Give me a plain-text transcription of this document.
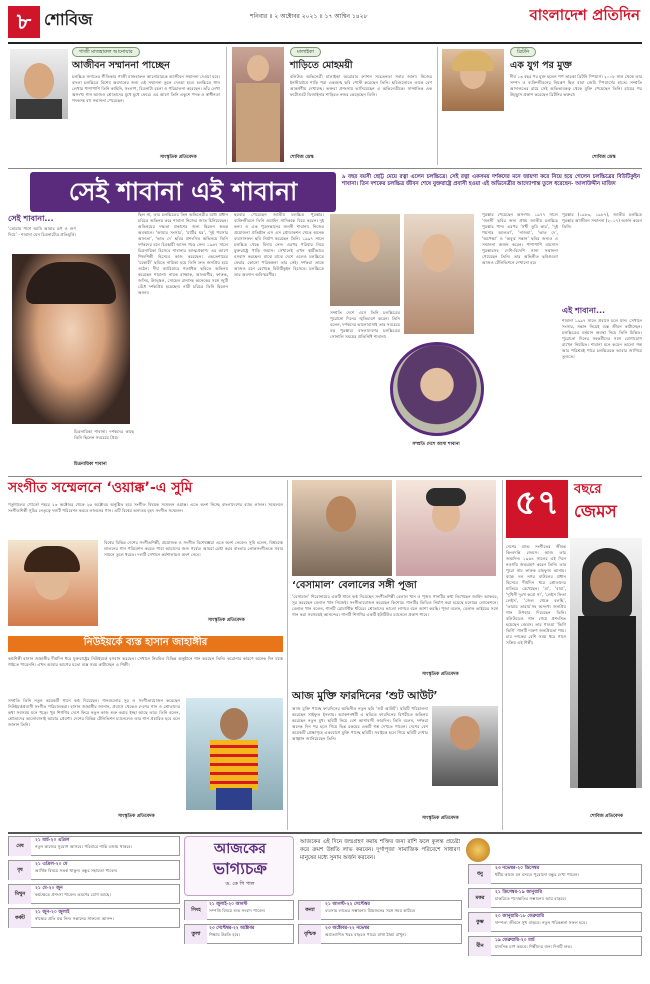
৮ শোবিজ	শনিবার ॥ ২ অক্টোবর ২০২১ ॥ ১৭ আশ্বিন ১৪২৮	বাংলাদেশ প্রতিদিন
গাজী মাজহারুল আনোয়ার
আজীবন সম্মাননা পাচ্ছেন
চলচ্চিত্র জগতের গীতিকার গাজী মাজহারুল আনোয়ারকে আজীবন সম্মাননা দেওয়া হবে। বাংলা চলচ্চিত্রে বিশেষ অবদানের জন্য এই সম্মাননা তুলে দেওয়া হবে। চলচ্চিত্রে গান লেখার পাশাপাশি তিনি কাহিনি, সংলাপ, চিত্রনাট্য রচনা ও পরিচালনা করেছেন। তাঁর লেখা অসংখ্য গান আজও শ্রোতাদের মুখে মুখে ফেরে। এর আগে তিনি একুশে পদক ও স্বাধীনতা পদকসহ বহু সম্মাননা পেয়েছেন।
সাংস্কৃতিক প্রতিবেদক
মালাইকা
শাড়িতে মোহময়ী
বলিউড অভিনেত্রী মালাইকা অরোরার ফ্যাশন সচেতনতা সবার জানা। নিজের ইনস্টাগ্রামে শাড়ি পরা একগুচ্ছ ছবি পোস্ট করেছেন তিনি। ছবিগুলোতে তাকে বেশ আকর্ষণীয় দেখাচ্ছে। ভক্তরা প্রশংসায় ভাসিয়েছেন এ অভিনেত্রীকে। সাম্প্রতিক এক ফটোশুটে ডিজাইনার শাড়িতে নজর কেড়েছেন তিনি।
শোবিজ ডেস্ক
ব্রিটনি
এক যুগ পর মুক্ত
দীর্ঘ ১৩ বছর পর মুক্ত হলেন পপ তারকা ব্রিটনি স্পিয়ার্স। ২০০৮ সাল থেকে তার সম্পদ ও ব্যক্তিজীবনের নিয়ন্ত্রণ ছিল বাবা জেমি স্পিয়ার্সের হাতে। সম্প্রতি আদালতের রায়ে সেই অভিভাবকত্ব থেকে মুক্তি পেয়েছেন তিনি। রায়ের পর উচ্ছ্বাস প্রকাশ করেছেন ব্রিটনির ভক্তরা।
শোবিজ ডেস্ক
সেই শাবানা এই শাবানা	৯ বছর বয়সী ছোট্ট মেয়ে রত্না এলেন চলচ্চিত্রে। সেই রত্না একসময় দর্শকদের মনে জায়গা করে নিয়ে হয়ে গেলেন চলচ্চিত্রের বিউটিকুইন শাবানা। তিন দশকের চলচ্চিত্র জীবন শেষে যুক্তরাষ্ট্রে প্রবাসী হওয়া এই অভিনেত্রীর আদ্যোপান্ত তুলে ধরেছেন- আলাউদ্দীন মাজিদ
সেই শাবানা...
‘তোমার পাশে আমি আমার রূপ ও গুণ দিয়ে’ - শাবানা যেন চিত্রনাট্যের প্রতিমূর্তি।
চিত্রনায়িকা শাবানা
চিত্রনায়িকা শাবানা। দর্শকদের কাছে তিনি ছিলেন সবচেয়ে প্রিয়।
ছিল না, তার চলচ্চিত্রের তিন অভিনেত্রীর মধ্যে প্রধান চরিত্রে অভিনয় করে শাবানা নিজের জাত চিনিয়েছেন। অভিনয়ের দক্ষতা প্রকাশের জন্য ছিলেন স্বতন্ত্র অবস্থানে। ‘আমার সংসার’, ‘মাটির ঘর’, ‘দুই পয়সার আলতা’, ‘ভাত দে’ ছবির প্রশংসিত অভিনয়ে তিনি দর্শকদের মনে চিরস্থায়ী আসন গড়ে নেন। ১৯৬৭ সালে চিত্রনায়িকা হিসেবে শাবানার আত্মপ্রকাশ। এর আগে শিশুশিল্পী হিসেবে কাজ করেছেন। এহতেশামের ‘চকোরী’ ছবিতে নায়িকা হয়ে তিনি দ্রুত জনপ্রিয় হয়ে ওঠেন। দীর্ঘ ক্যারিয়ারে শতাধিক ছবিতে অভিনয় করেছেন শাবানা। নায়ক রাজ্জাক, আলমগীর, ফারুক, জসিম, উজ্জ্বল, সোহেল রানাসহ অনেকের সঙ্গে জুটি বেঁধে দর্শকপ্রিয় হয়েছেন। নারী চরিত্রে তিনি ছিলেন অনন্য।
ছয়বার পেয়েছেন জাতীয় চলচ্চিত্র পুরস্কার। ব্যক্তিজীবনে তিনি ওয়াহিদ সাদিককে বিয়ে করেন। দুই কন্যা ও এক পুত্রসন্তানের জননী শাবানা। নিজের প্রযোজনা প্রতিষ্ঠান এস এস প্রোডাকশন থেকে অনেক ব্যবসাসফল ছবি নির্মাণ করেছেন তিনি। ১৯৯৭ সালে চলচ্চিত্র থেকে বিদায় নেন। এরপর পরিবার নিয়ে যুক্তরাষ্ট্রে পাড়ি জমান। সেখানেই এখন স্থায়ীভাবে বসবাস করছেন। মাঝে মাঝে দেশে এলেও চলচ্চিত্রে ফেরার কোনো পরিকল্পনা তার নেই। দর্শকরা তাকে আজও মনে রেখেছে বিউটিকুইন হিসেবে। চলচ্চিত্রে তার অবদান অবিস্মরণীয়।
সম্প্রতি দেশে এসে তিনি চলচ্চিত্রের পুরোনো দিনের স্মৃতিচারণ করেন। তিনি বলেন, দর্শকদের ভালোবাসাই তার সবচেয়ে বড় পুরস্কার। বাংলাদেশের চলচ্চিত্রের সোনালি সময়ের প্রতিনিধি শাবানা।
সম্প্রতি দেশে আসা শাবানা
পুরস্কার পেয়েছেন অসংখ্য। ১৯৭৭ সালে ‘জননী’ ছবির জন্য প্রথম জাতীয় চলচ্চিত্র পুরস্কার পান। এরপর ‘সখী তুমি কার’, ‘দুই পয়সার আলতা’, ‘নাজমা’, ‘ভাত দে’, ‘অপেক্ষা’ ও ‘অবুঝ সন্তান’ ছবির জন্যও এ সম্মাননা অর্জন করেন। পাশাপাশি বাচসাস পুরস্কারসহ দেশি-বিদেশি নানা সম্মাননা পেয়েছেন তিনি। তার অভিনীত ছবিগুলো আজও টেলিভিশনে দেখানো হয়।
পুরস্কার (১৯৮৩, ১৯৮৭), জাতীয় চলচ্চিত্র পুরস্কার আজীবন সম্মাননা (২০১৭) অর্জন করেন তিনি।
এই শাবানা...
শাবানা ১৯৯৭ সালে প্রবাসে চলে যান। সেখানে সংসার, সন্তান নিয়েই ব্যস্ত জীবন কাটাচ্ছেন। চলচ্চিত্রের বর্তমান অবস্থা নিয়ে তিনি চিন্তিত। পুরোনো দিনের সহকর্মীদের সঙ্গে যোগাযোগ রাখেন নিয়মিত। শাবানা মনে করেন ভালো গল্প আর পরিশ্রমই পারে চলচ্চিত্রকে আবার জাগিয়ে তুলতে।
সংগীত সম্মেলনে ‘ওয়াক্ক’-এ সুমি
পর্তুগালের পোর্তো শহরে ২৩ অক্টোবর থেকে ২৬ অক্টোবর অনুষ্ঠিত হবে সংগীত বিষয়ক সম্মেলন ওয়াক্ক। এতে অংশ নিচ্ছে বাংলাদেশের ব্যান্ড লালন। সম্মেলনে সংগীতশিল্পী সুমির নেতৃত্বে দলটি পরিবেশন করবে লালনের গান। এটি বিশ্বের অন্যতম বৃহৎ সংগীত সম্মেলন।
বিশ্বের বিভিন্ন দেশের সংগীতশিল্পী, প্রযোজক ও সংগীত বিশেষজ্ঞরা এতে অংশ নেবেন। সুমি বলেন, বিশ্বমঞ্চে লালনের গান পরিবেশন করতে পারা আমাদের জন্য গর্বের। আমরা চেষ্টা করব বাংলার লোকসংগীতকে সবার সামনে তুলে ধরতে। দলটি সেখানে কর্মশালায়ও অংশ নেবে।
সাংস্কৃতিক প্রতিবেদক
নিউইয়র্কে ব্যস্ত হাসান জাহাঙ্গীর
কণ্ঠশিল্পী হাসান জাহাঙ্গীর দীর্ঘদিন ধরে যুক্তরাষ্ট্রের নিউইয়র্কে বসবাস করছেন। সেখানে নিয়মিত বিভিন্ন অনুষ্ঠানে গান করছেন তিনি। করোনার কারণে অনেক দিন মঞ্চে গাইতে পারেননি। এখন আবার আগের মতো ব্যস্ত সময় কাটাচ্ছেন এ শিল্পী।
সম্প্রতি তিনি নতুন কয়েকটি গানে কণ্ঠ দিয়েছেন। গানগুলোর সুর ও সংগীতায়োজন করেছেন নিউইয়র্কপ্রবাসী সংগীত পরিচালকরা। হাসান জাহাঙ্গীর জানান, প্রবাসে থেকেও দেশের গান ও শ্রোতাদের কথা সবসময় মনে পড়ে। খুব শিগগির দেশে ফিরে নতুন কাজ শুরু করার ইচ্ছা আছে তার। তিনি বলেন, শ্রোতাদের ভালোবাসাই আমার প্রেরণা। দেশের বিভিন্ন টেলিভিশন চ্যানেলেও তার গান প্রচারিত হবে বলে জানান তিনি।
সাংস্কৃতিক প্রতিবেদক
‘বেসামাল’ বেলালের সঙ্গী পূজা
‘বেসামাল’ শিরোনামের একটি গানে কণ্ঠ দিয়েছেন সংগীতশিল্পী বেলাল খান ও পূজা। গানটির কথা লিখেছেন জাহিদ আকবর, সুর করেছেন বেলাল খান নিজেই। সংগীতায়োজন করেছেন কিশোর। গানটির ভিডিও নির্মাণ করা হয়েছে মনোরম লোকেশনে। বেলাল খান বলেন, গানটি রোমান্টিক ধাঁচের। শ্রোতাদের ভালো লাগবে বলে আশা করছি। পূজা বলেন, বেলাল ভাইয়ের সঙ্গে গান করা সবসময়ই আনন্দের। গানটি শিগগির একটি ইউটিউব চ্যানেলে প্রকাশ পাবে।
সাংস্কৃতিক প্রতিবেদক
আজ মুক্তি ফারদিনের ‘শুট আউট’
আজ মুক্তি পাচ্ছে ফারদিনের অভিনীত নতুন ছবি ‘শুট আউট’। ছবিটি পরিচালনা করেছেন সাইফুল ইসলাম। অ্যাকশনধর্মী এ ছবিতে ফারদিনের বিপরীতে অভিনয় করেছেন নতুন মুখ। ছবিটি নিয়ে বেশ আশাবাদী ফারদিন। তিনি বলেন, দর্শকরা অনেক দিন পর হলে গিয়ে ভিন্ন রকমের একটি গল্প দেখতে পাবেন। দেশের বেশ কয়েকটি প্রেক্ষাগৃহে একযোগে মুক্তি পাচ্ছে ছবিটি। সবাইকে হলে গিয়ে ছবিটি দেখার আহ্বান জানিয়েছেন তিনি।
সাংস্কৃতিক প্রতিবেদক
৫৭	বছরে
জেমস
দেশের ব্যান্ড সংগীতের জীবন্ত কিংবদন্তি জেমস। আজ তার জন্মদিন। ১৯৬৪ সালের এই দিনে নওগাঁয় জন্মগ্রহণ করেন তিনি। তার পুরো নাম ফারুক মাহফুজ আনাম। ব্যান্ড দল নগর বাউলের প্রধান হিসেবে দীর্ঘদিন ধরে শ্রোতাদের মাতিয়ে রেখেছেন। ‘মা’, ‘বাবা’, ‘দুখিনী দুঃখ করো না’, ‘লেইস ফিতা লেইস’, ‘জেল থেকে বলছি’, ‘তারায় তারায়’সহ অসংখ্য জনপ্রিয় গান উপহার দিয়েছেন তিনি। বলিউডেও গান গেয়ে প্রশংসিত হয়েছেন জেমস। তার গাওয়া ‘ভিগি ভিগি’ গানটি দারুণ জনপ্রিয়তা পায়। চার দশকের বেশি সময় ধরে গানে সক্রিয় এই শিল্পী।
শোবিজ প্রতিবেদক
আজকের
ভাগ্যচক্র
ড. কে পি পাল
আজকের এই দিনে জন্মগ্রহণ করায় শক্তির জন্য রাশি ফলে কুলন্ত প্রচেষ্টা করে ক্রমশ উন্নতি লাভ করবেন। দুর্গাপূজা সামাজিক পরিবেশে সাধারণ মানুষের মধ্যে সুনাম অর্জন করবেন।
মেষ
২১ মার্চ-২০ এপ্রিল
নতুন কাজের সুযোগ আসবে। পরিবারে শান্তি বজায় থাকবে।
বৃষ
২১ এপ্রিল-২০ মে
আর্থিক বিষয়ে সতর্ক থাকুন। বন্ধুর সহায়তা পাবেন।
মিথুন
২১ মে-২০ জুন
কর্মক্ষেত্রে প্রশংসা পাবেন। ভ্রমণের যোগ আছে।
কর্কট
২১ জুন-২০ জুলাই
স্বাস্থ্যের প্রতি যত্ন নিন। সন্তানের সাফল্যে আনন্দ।
সিংহ
২১ জুলাই-২০ আগস্ট
সম্পত্তি বিষয়ে শুভ সংবাদ পাবেন।	কন্যা
২১ আগস্ট-২২ সেপ্টেম্বর
ব্যবসায় লাভের সম্ভাবনা। প্রিয়জনের সঙ্গে সময় কাটবে।
তুলা
২৩ সেপ্টেম্বর-২২ অক্টোবর
শিক্ষায় উন্নতি হবে।	বৃশ্চিক
২৩ অক্টোবর-২২ নভেম্বর
অপ্রত্যাশিত খরচ বাড়তে পারে। মাথা ঠান্ডা রাখুন।
ধনু
২৩ নভেম্বর-২০ ডিসেম্বর
ধর্মীয় কাজে মন বসবে। পুরোনো বন্ধুর দেখা পাবেন।
মকর
২১ ডিসেম্বর-১৯ জানুয়ারি
চাকরিতে পদোন্নতির সম্ভাবনা। আয় বাড়বে।
কুম্ভ
২০ জানুয়ারি-১৮ ফেব্রুয়ারি
দাম্পত্য জীবনে সুখ বাড়বে। নতুন পরিকল্পনা সফল হবে।
মীন
১৯ ফেব্রুয়ারি-২০ মার্চ
মানসিক চাপ কমবে। শিল্পীদের জন্য দিনটি শুভ।
